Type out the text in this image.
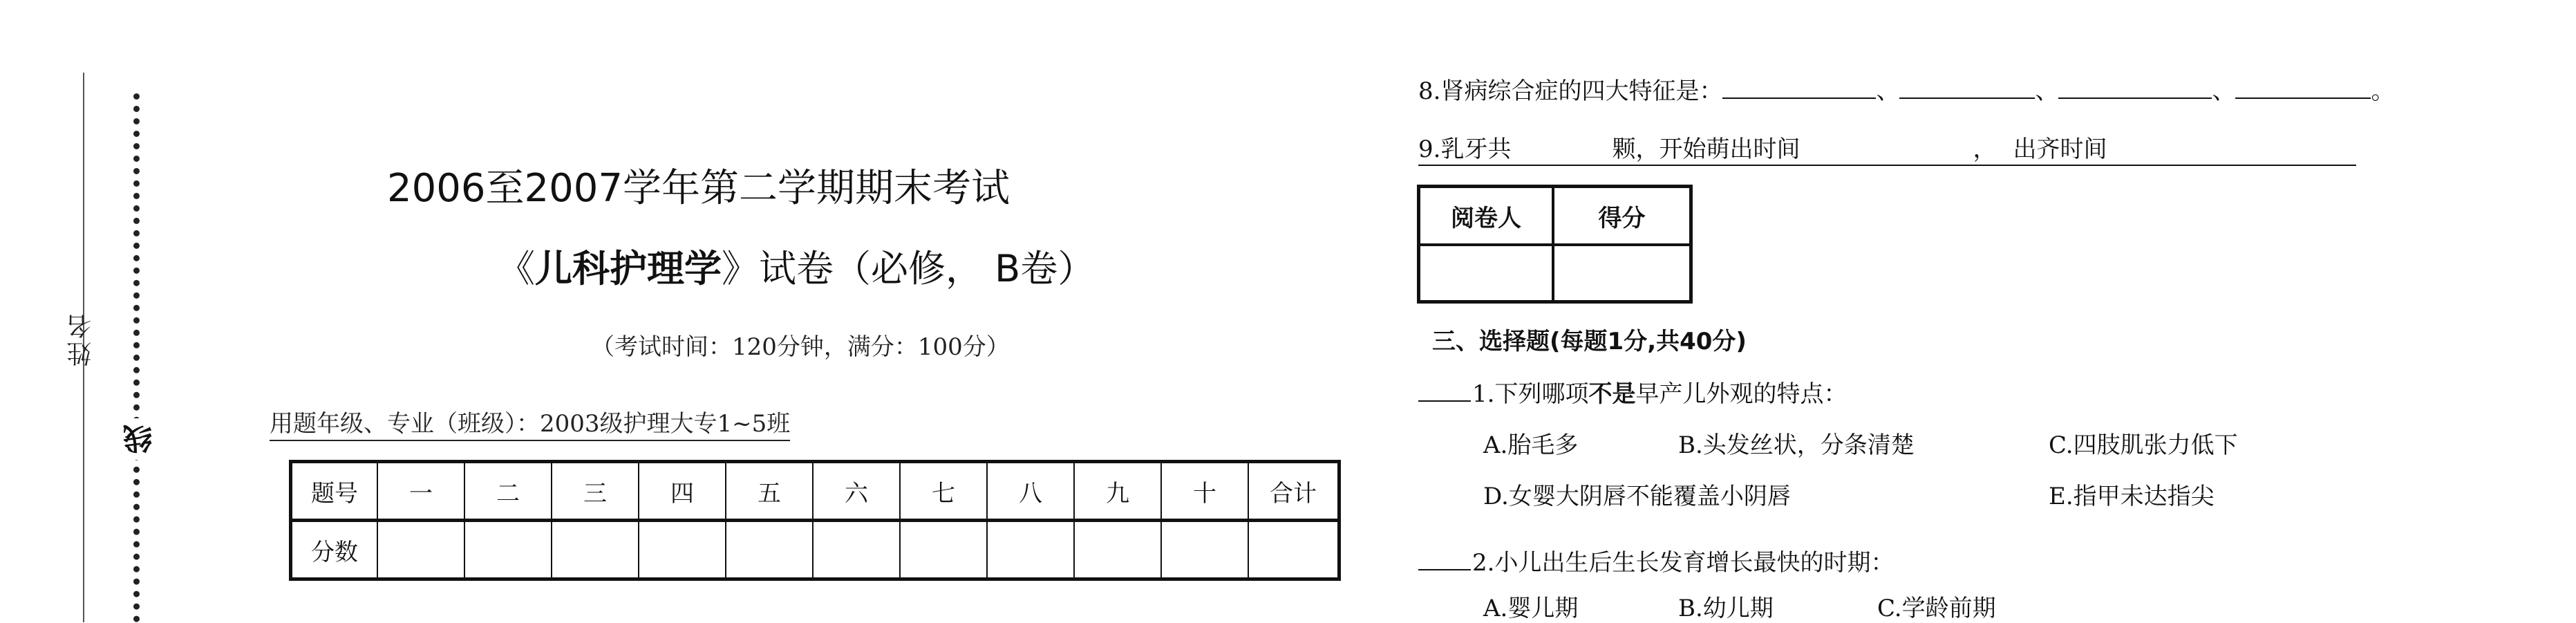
姓名
线
2006至2007学年第二学期期末考试
《儿科护理学》试卷（必修， B卷）
（考试时间：120分钟，满分：100分）
用题年级、专业（班级）：2003级护理大专1~5班
题号	一	二	三	四	五	六	七	八	九	十	合计
分数											
8.肾病综合症的四大特征是：	、	、	、	。
9.乳牙共	颗，开始萌出时间	， 出齐时间
阅卷人	得分

三、选择题(每题1分,共40分)
1.下列哪项不是早产儿外观的特点：
A.胎毛多	B.头发丝状，分条清楚	C.四肢肌张力低下
D.女婴大阴唇不能覆盖小阴唇	E.指甲未达指尖
2.小儿出生后生长发育增长最快的时期：
A.婴儿期	B.幼儿期	C.学龄前期
